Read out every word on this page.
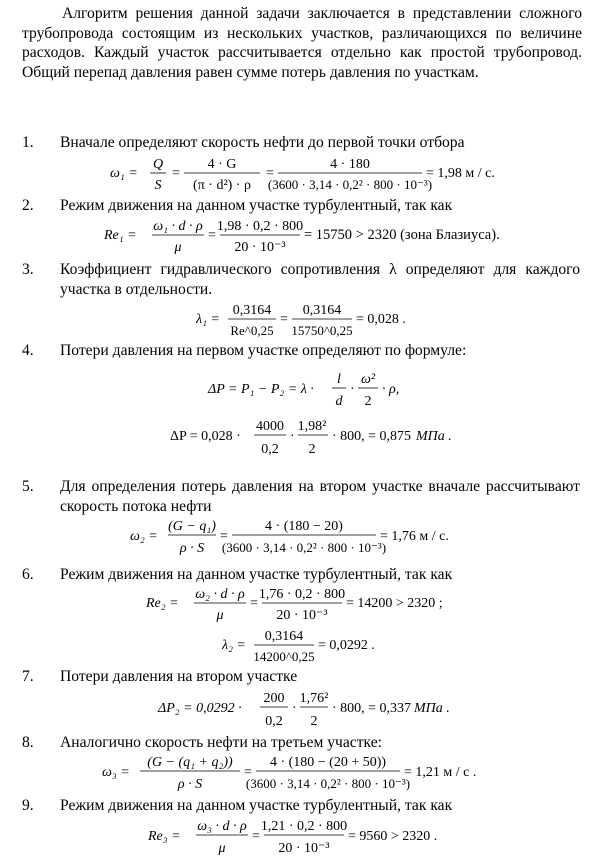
Алгоритм решения данной задачи заключается в представлении сложного трубопровода состоящим из нескольких участков, различающихся по величине расходов. Каждый участок рассчитывается отдельно как простой трубопровод. Общий перепад давления равен сумме потерь давления по участкам.
1.	Вначале определяют скорость нефти до первой точки отбора
ω₁ =
Q
S
=
4 · G
(π · d²) · ρ
=
4 · 180
(3600 · 3,14 · 0,2² · 800 · 10⁻³)
= 1,98 м / с.
2.	Режим движения на данном участке турбулентный, так как
Re₁ =
ω₁ · d · ρ
μ
=
1,98 · 0,2 · 800
20 · 10⁻³
= 15750 > 2320 (зона Блазиуса).
3.	Коэффициент гидравлического сопротивления λ определяют для каждого участка в отдельности.
λ₁ =
0,3164
Re^0,25
=
0,3164
15750^0,25
= 0,028 .
4.	Потери давления на первом участке определяют по формуле:
ΔP = P₁ − P₂ = λ ·
l
d
·
ω²
2
· ρ,
ΔP = 0,028 ·
4000
0,2
·
1,98²
2
· 800, = 0,875 МПа .
5.	Для определения потерь давления на втором участке вначале рассчитывают скорость потока нефти
ω₂ =
(G − q₁)
ρ · S
=
4 · (180 − 20)
(3600 · 3,14 · 0,2² · 800 · 10⁻³)
= 1,76 м / с.
6.	Режим движения на данном участке турбулентный, так как
Re₂ =
ω₂ · d · ρ
μ
=
1,76 · 0,2 · 800
20 · 10⁻³
= 14200 > 2320 ;
λ₂ =
0,3164
14200^0,25
= 0,0292 .
7.	Потери давления на втором участке
ΔP₂ = 0,0292 ·
200
0,2
·
1,76²
2
· 800, = 0,337 МПа .
8.	Аналогично скорость нефти на третьем участке:
ω₃ =
(G − (q₁ + q₂))
ρ · S
=
4 · (180 − (20 + 50))
(3600 · 3,14 · 0,2² · 800 · 10⁻³)
= 1,21 м / с .
9.	Режим движения на данном участке турбулентный, так как
Re₃ =
ω₃ · d · ρ
μ
=
1,21 · 0,2 · 800
20 · 10⁻³
= 9560 > 2320 .
